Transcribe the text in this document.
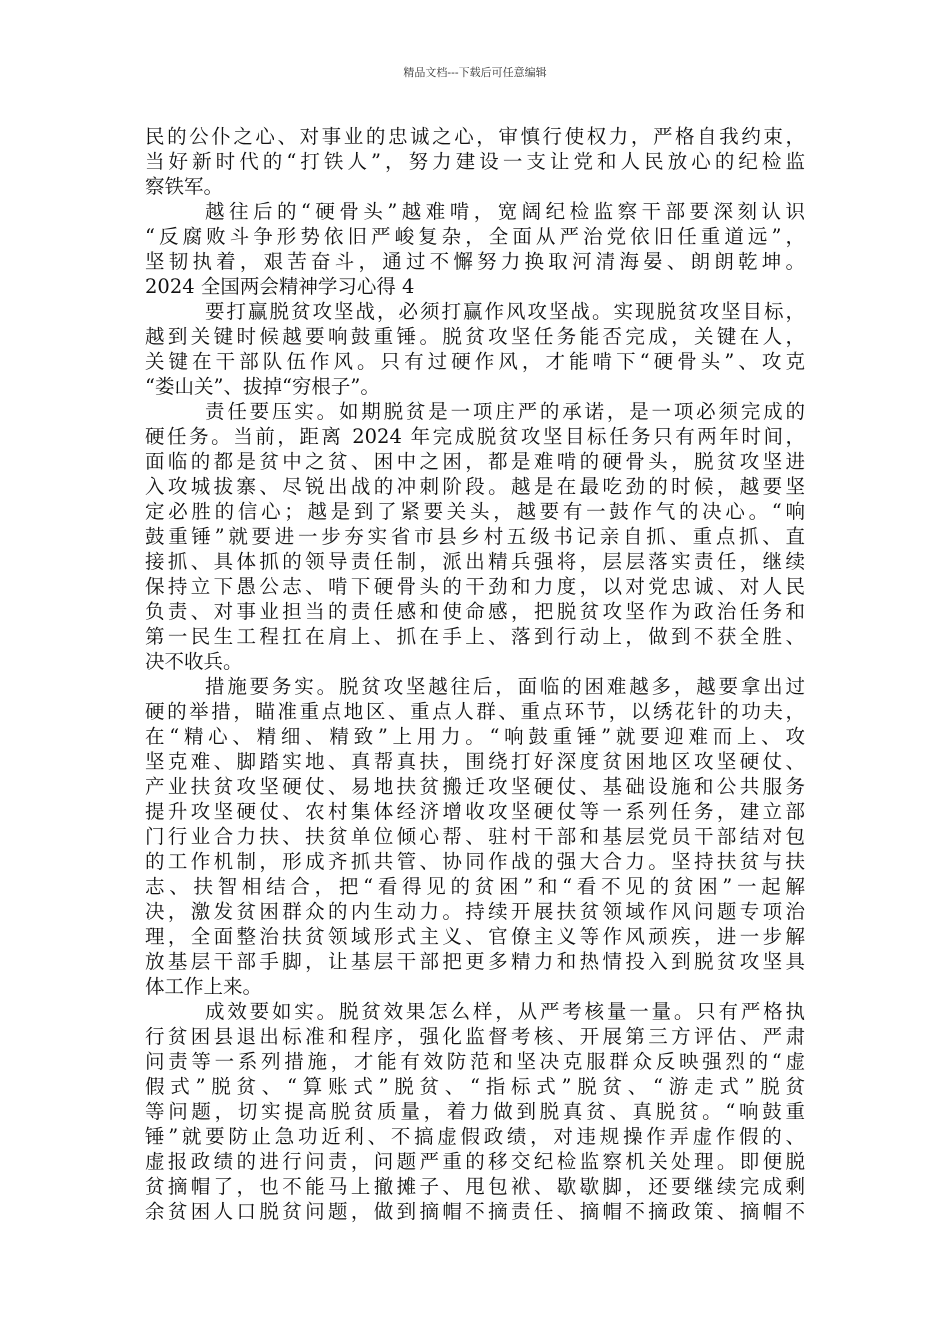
精品文档---下载后可任意编辑
民的公仆之心、对事业的忠诚之心，审慎行使权力，严格自我约束，
当好新时代的“打铁人”，努力建设一支让党和人民放心的纪检监
察铁军。
越往后的“硬骨头”越难啃，宽阔纪检监察干部要深刻认识
“反腐败斗争形势依旧严峻复杂，全面从严治党依旧任重道远”，
坚韧执着，艰苦奋斗，通过不懈努力换取河清海晏、朗朗乾坤。
2024 全国两会精神学习心得 4
要打赢脱贫攻坚战，必须打赢作风攻坚战。实现脱贫攻坚目标，
越到关键时候越要响鼓重锤。脱贫攻坚任务能否完成，关键在人，
关键在干部队伍作风。只有过硬作风，才能啃下“硬骨头”、攻克
“娄山关”、拔掉“穷根子”。
责任要压实。如期脱贫是一项庄严的承诺，是一项必须完成的
硬任务。当前，距离 2024 年完成脱贫攻坚目标任务只有两年时间，
面临的都是贫中之贫、困中之困，都是难啃的硬骨头，脱贫攻坚进
入攻城拔寨、尽锐出战的冲刺阶段。越是在最吃劲的时候，越要坚
定必胜的信心；越是到了紧要关头，越要有一鼓作气的决心。“响
鼓重锤”就要进一步夯实省市县乡村五级书记亲自抓、重点抓、直
接抓、具体抓的领导责任制，派出精兵强将，层层落实责任，继续
保持立下愚公志、啃下硬骨头的干劲和力度，以对党忠诚、对人民
负责、对事业担当的责任感和使命感，把脱贫攻坚作为政治任务和
第一民生工程扛在肩上、抓在手上、落到行动上，做到不获全胜、
决不收兵。
措施要务实。脱贫攻坚越往后，面临的困难越多，越要拿出过
硬的举措，瞄准重点地区、重点人群、重点环节，以绣花针的功夫，
在“精心、精细、精致”上用力。“响鼓重锤”就要迎难而上、攻
坚克难、脚踏实地、真帮真扶，围绕打好深度贫困地区攻坚硬仗、
产业扶贫攻坚硬仗、易地扶贫搬迁攻坚硬仗、基础设施和公共服务
提升攻坚硬仗、农村集体经济增收攻坚硬仗等一系列任务，建立部
门行业合力扶、扶贫单位倾心帮、驻村干部和基层党员干部结对包
的工作机制，形成齐抓共管、协同作战的强大合力。坚持扶贫与扶
志、扶智相结合，把“看得见的贫困”和“看不见的贫困”一起解
决，激发贫困群众的内生动力。持续开展扶贫领域作风问题专项治
理，全面整治扶贫领域形式主义、官僚主义等作风顽疾，进一步解
放基层干部手脚，让基层干部把更多精力和热情投入到脱贫攻坚具
体工作上来。
成效要如实。脱贫效果怎么样，从严考核量一量。只有严格执
行贫困县退出标准和程序，强化监督考核、开展第三方评估、严肃
问责等一系列措施，才能有效防范和坚决克服群众反映强烈的“虚
假式”脱贫、“算账式”脱贫、“指标式”脱贫、“游走式”脱贫
等问题，切实提高脱贫质量，着力做到脱真贫、真脱贫。“响鼓重
锤”就要防止急功近利、不搞虚假政绩，对违规操作弄虚作假的、
虚报政绩的进行问责，问题严重的移交纪检监察机关处理。即便脱
贫摘帽了，也不能马上撤摊子、甩包袱、歇歇脚，还要继续完成剩
余贫困人口脱贫问题，做到摘帽不摘责任、摘帽不摘政策、摘帽不
